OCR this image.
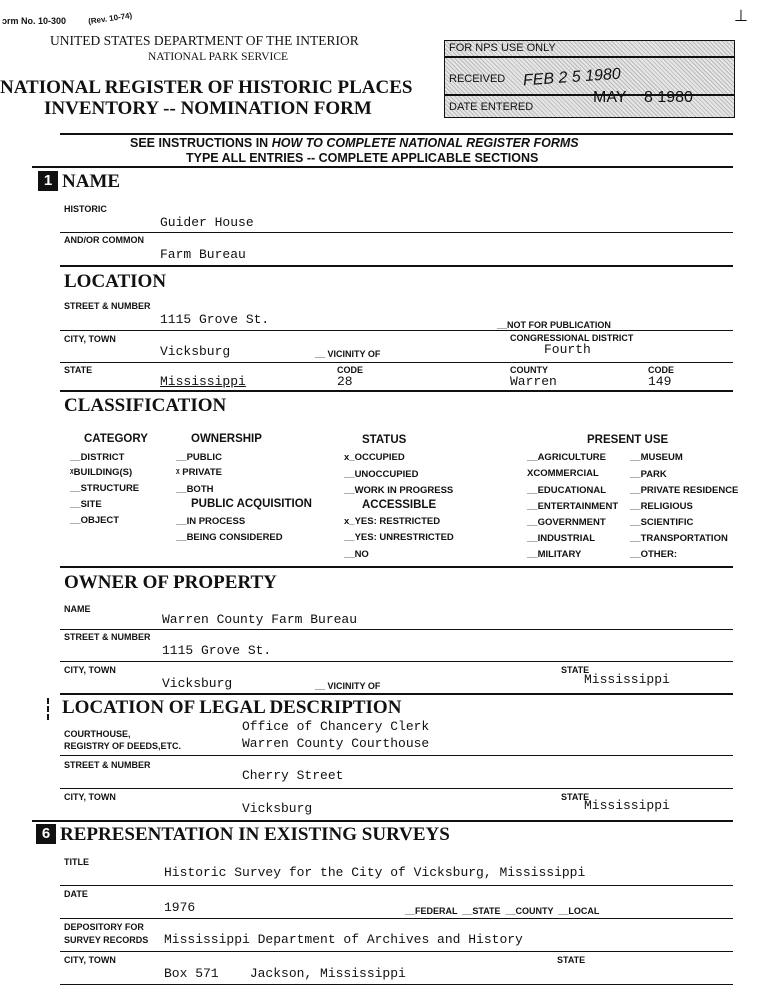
ɔrm No. 10-300	(Rev. 10-74)	⊥
UNITED STATES DEPARTMENT OF THE INTERIOR
NATIONAL PARK SERVICE
NATIONAL REGISTER OF HISTORIC PLACES
INVENTORY -- NOMINATION FORM
FOR NPS USE ONLY
RECEIVED FEB 2 5 1980
DATE ENTERED
MAY    8 1980
SEE INSTRUCTIONS IN HOW TO COMPLETE NATIONAL REGISTER FORMS
TYPE ALL ENTRIES -- COMPLETE APPLICABLE SECTIONS
1 NAME
HISTORIC
Guider House
AND/OR COMMON
Farm Bureau
LOCATION
STREET & NUMBER
1115 Grove St.	__NOT FOR PUBLICATION
CITY, TOWN	CONGRESSIONAL DISTRICT
Vicksburg	__ VICINITY OF	Fourth
STATE	CODE	COUNTY	CODE
Mississippi	28	Warren	149
CLASSIFICATION
CATEGORY
__DISTRICT
ᵡBUILDING(S)
__STRUCTURE
__SITE
__OBJECT
OWNERSHIP
__PUBLIC
ᵡ PRIVATE
__BOTH
PUBLIC ACQUISITION
__IN PROCESS
__BEING CONSIDERED
STATUS
x_OCCUPIED
__UNOCCUPIED
__WORK IN PROGRESS
ACCESSIBLE
x_YES: RESTRICTED
__YES: UNRESTRICTED
__NO
PRESENT USE
__AGRICULTURE
XCOMMERCIAL
__EDUCATIONAL
__ENTERTAINMENT
__GOVERNMENT
__INDUSTRIAL
__MILITARY
__MUSEUM
__PARK
__PRIVATE RESIDENCE
__RELIGIOUS
__SCIENTIFIC
__TRANSPORTATION
__OTHER:
OWNER OF PROPERTY
NAME
Warren County Farm Bureau
STREET & NUMBER
1115 Grove St.
CITY, TOWN	STATE
Vicksburg	__ VICINITY OF	Mississippi
LOCATION OF LEGAL DESCRIPTION
COURTHOUSE,
REGISTRY OF DEEDS,ETC.
Office of Chancery Clerk
Warren County Courthouse
STREET & NUMBER
Cherry Street
CITY, TOWN	STATE
Vicksburg	Mississippi
6 REPRESENTATION IN EXISTING SURVEYS
TITLE
Historic Survey for the City of Vicksburg, Mississippi
DATE
1976	__FEDERAL  __STATE  __COUNTY  __LOCAL
DEPOSITORY FOR
SURVEY RECORDS Mississippi Department of Archives and History
CITY, TOWN	STATE
Box 571    Jackson, Mississippi
